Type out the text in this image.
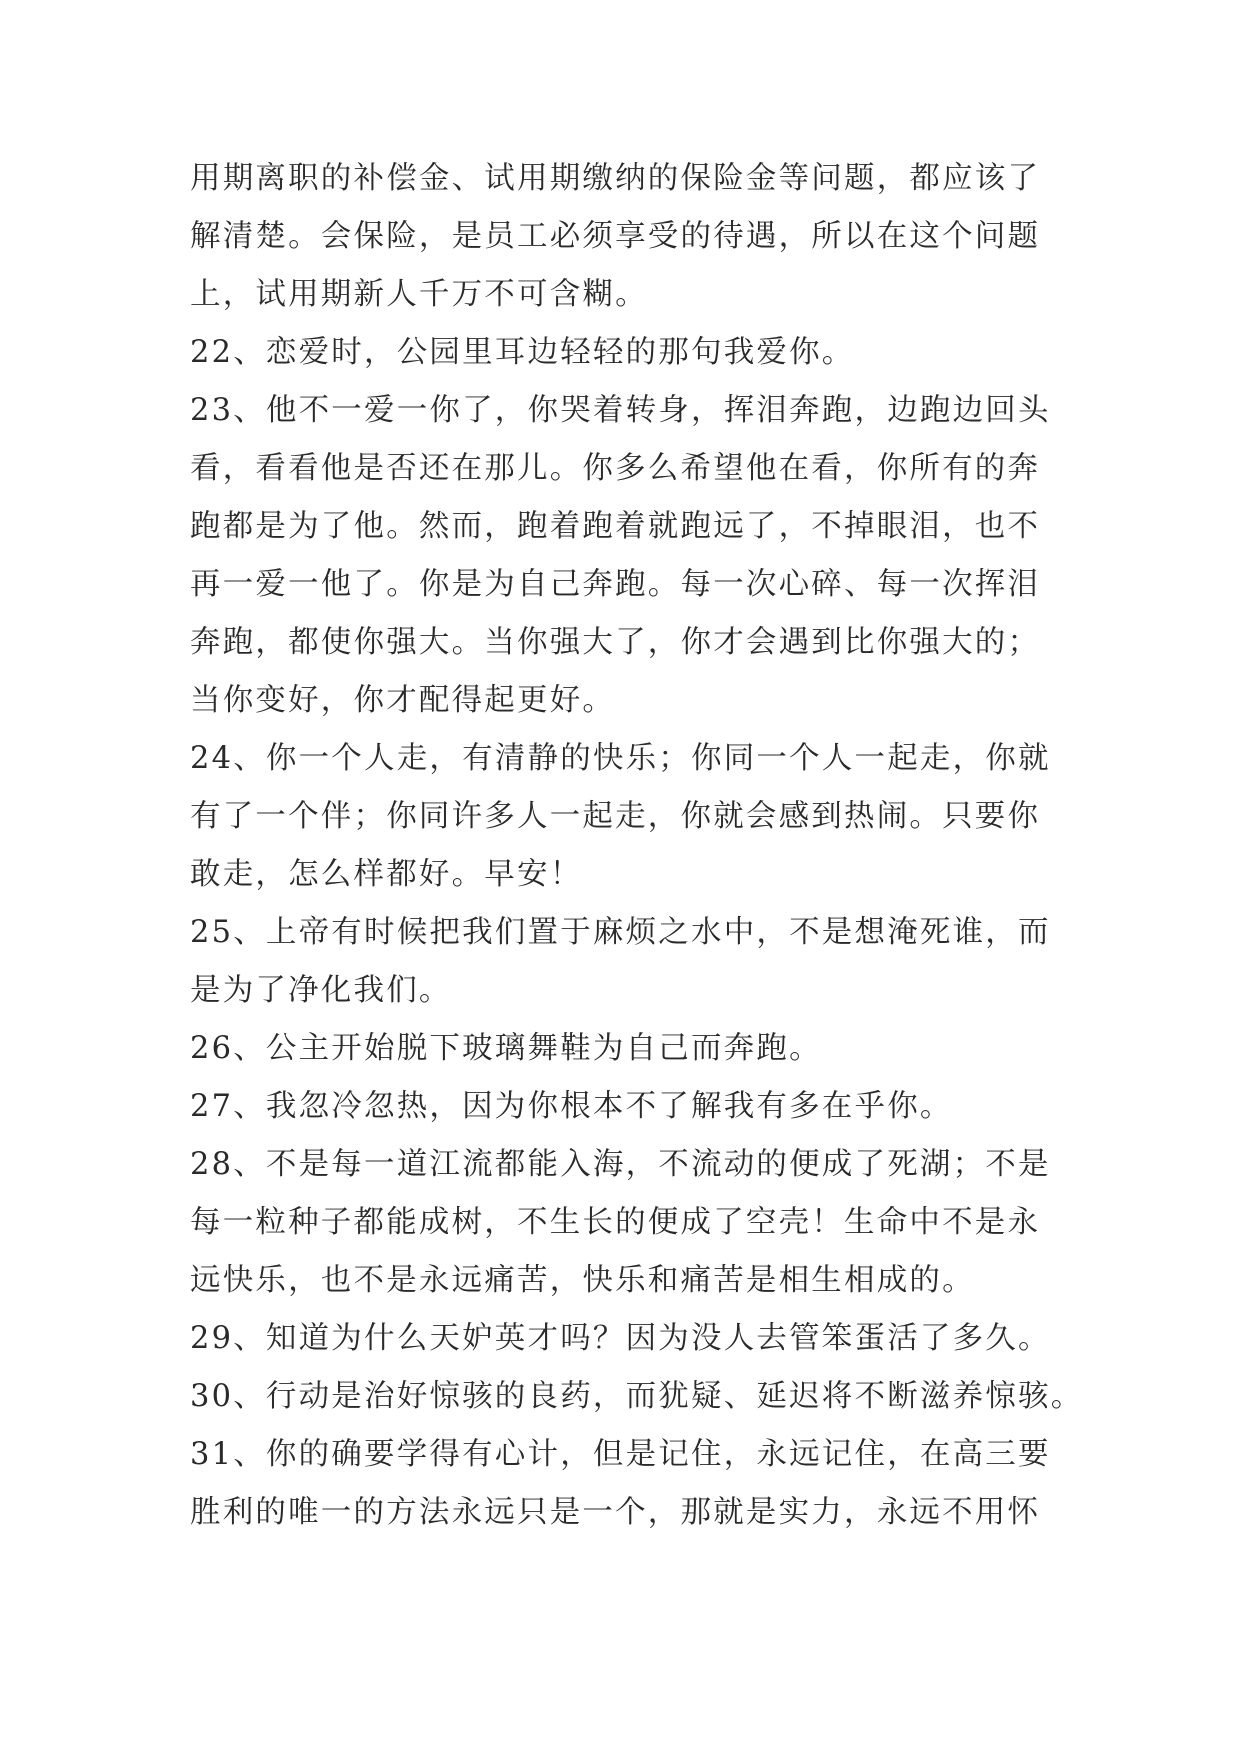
用期离职的补偿金、试用期缴纳的保险金等问题，都应该了
解清楚。会保险，是员工必须享受的待遇，所以在这个问题
上，试用期新人千万不可含糊。
22、恋爱时，公园里耳边轻轻的那句我爱你。
23、他不一爱一你了，你哭着转身，挥泪奔跑，边跑边回头
看，看看他是否还在那儿。你多么希望他在看，你所有的奔
跑都是为了他。然而，跑着跑着就跑远了，不掉眼泪，也不
再一爱一他了。你是为自己奔跑。每一次心碎、每一次挥泪
奔跑，都使你强大。当你强大了，你才会遇到比你强大的；
当你变好，你才配得起更好。
24、你一个人走，有清静的快乐；你同一个人一起走，你就
有了一个伴；你同许多人一起走，你就会感到热闹。只要你
敢走，怎么样都好。早安！
25、上帝有时候把我们置于麻烦之水中，不是想淹死谁，而
是为了净化我们。
26、公主开始脱下玻璃舞鞋为自己而奔跑。
27、我忽冷忽热，因为你根本不了解我有多在乎你。
28、不是每一道江流都能入海，不流动的便成了死湖；不是
每一粒种子都能成树，不生长的便成了空壳！生命中不是永
远快乐，也不是永远痛苦，快乐和痛苦是相生相成的。
29、知道为什么天妒英才吗？因为没人去管笨蛋活了多久。
30、行动是治好惊骇的良药，而犹疑、延迟将不断滋养惊骇。
31、你的确要学得有心计，但是记住，永远记住，在高三要
胜利的唯一的方法永远只是一个，那就是实力，永远不用怀
